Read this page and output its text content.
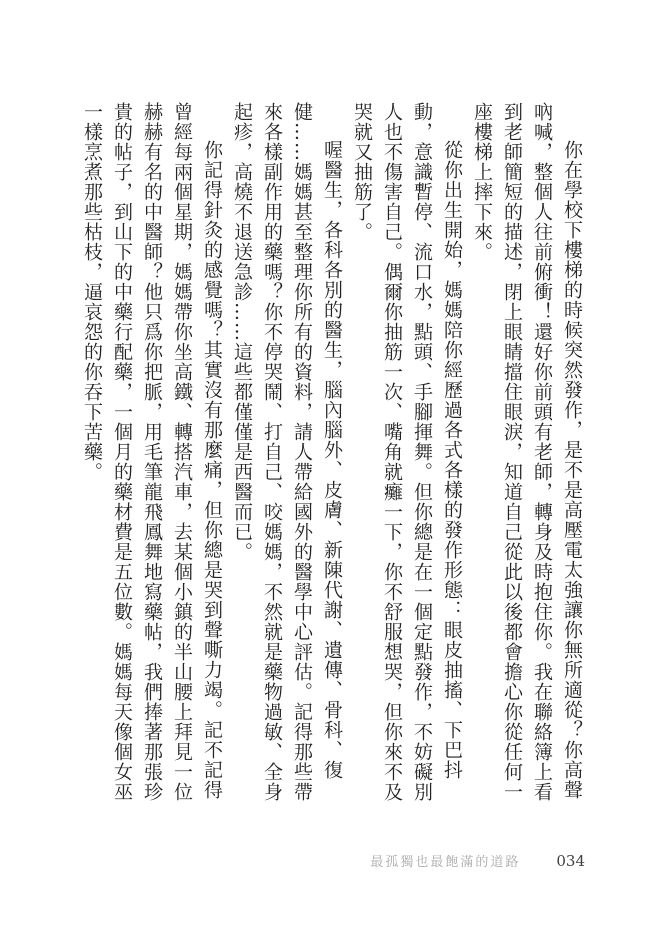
你在學校下樓梯的時候突然發作，是不是高壓電太強讓你無所適從？你高聲吶喊，整個人往前俯衝！還好你前頭有老師，轉身及時抱住你。我在聯絡簿上看到老師簡短的描述，閉上眼睛擋住眼淚，知道自己從此以後都會擔心你從任何一座樓梯上摔下來。

從你出生開始，媽媽陪你經歷過各式各樣的發作形態：眼皮抽搐、下巴抖動，意識暫停、流口水，點頭、手腳揮舞。但你總是在一個定點發作，不妨礙別人也不傷害自己。偶爾你抽筋一次、嘴角就癱一下，你不舒服想哭，但你來不及哭就又抽筋了。

喔醫生，各科各別的醫生，腦內腦外、皮膚、新陳代謝、遺傳、骨科、復健……媽媽甚至整理你所有的資料，請人帶給國外的醫學中心評估。記得那些帶來各樣副作用的藥嗎？你不停哭鬧、打自己、咬媽媽，不然就是藥物過敏、全身起疹，高燒不退送急診……這些都僅僅是西醫而已。

你記得針灸的感覺嗎？其實沒有那麼痛，但你總是哭到聲嘶力竭。記不記得曾經每兩個星期，媽媽帶你坐高鐵、轉搭汽車，去某個小鎮的半山腰上拜見一位赫赫有名的中醫師？他只爲你把脈，用毛筆龍飛鳳舞地寫藥帖，我們捧著那張珍貴的帖子，到山下的中藥行配藥，一個月的藥材費是五位數。媽媽每天像個女巫一樣烹煮那些枯枝，逼哀怨的你吞下苦藥。

最孤獨也最飽滿的道路 034
